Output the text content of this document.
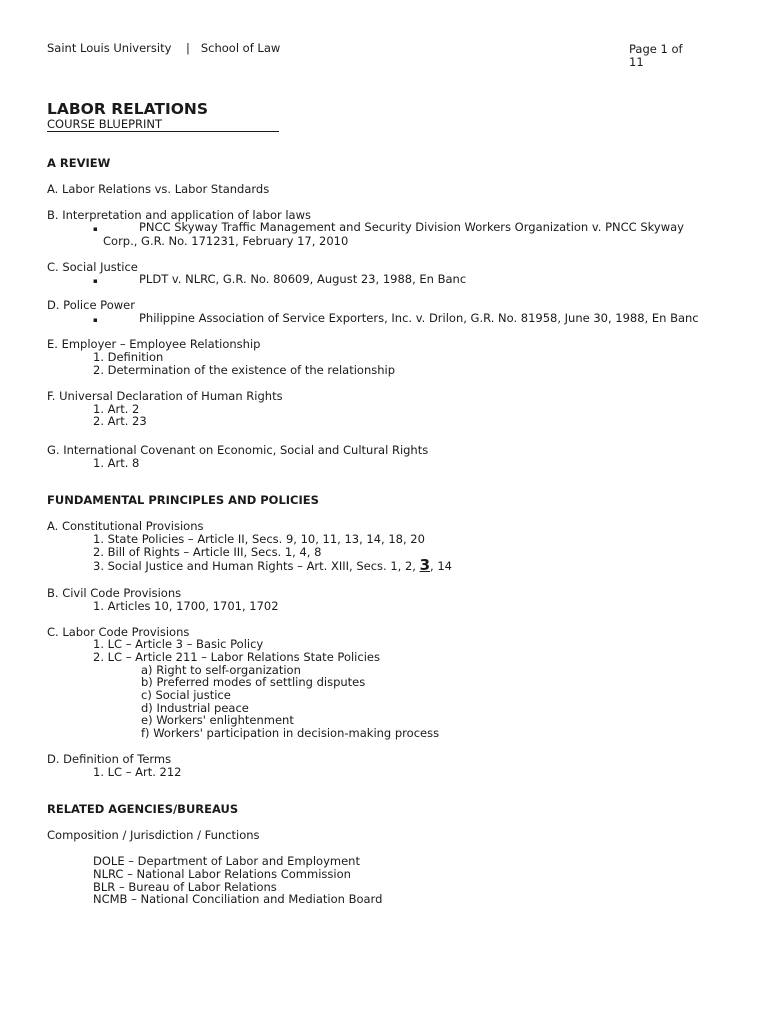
Saint Louis University    |   School of Law	Page 1 of 11
LABOR RELATIONS
COURSE BLUEPRINT
A REVIEW
A. Labor Relations vs. Labor Standards
B. Interpretation and application of labor laws
▪	PNCC Skyway Traffic Management and Security Division Workers Organization v. PNCC Skyway
Corp., G.R. No. 171231, February 17, 2010
C. Social Justice
▪	PLDT v. NLRC, G.R. No. 80609, August 23, 1988, En Banc
D. Police Power
▪	Philippine Association of Service Exporters, Inc. v. Drilon, G.R. No. 81958, June 30, 1988, En Banc
E. Employer – Employee Relationship
1. Definition
2. Determination of the existence of the relationship
F. Universal Declaration of Human Rights
1. Art. 2
2. Art. 23
G. International Covenant on Economic, Social and Cultural Rights
1. Art. 8
FUNDAMENTAL PRINCIPLES AND POLICIES
A. Constitutional Provisions
1. State Policies – Article II, Secs. 9, 10, 11, 13, 14, 18, 20
2. Bill of Rights – Article III, Secs. 1, 4, 8
3. Social Justice and Human Rights – Art. XIII, Secs. 1, 2, 3, 14
B. Civil Code Provisions
1. Articles 10, 1700, 1701, 1702
C. Labor Code Provisions
1. LC – Article 3 – Basic Policy
2. LC – Article 211 – Labor Relations State Policies
a) Right to self-organization
b) Preferred modes of settling disputes
c) Social justice
d) Industrial peace
e) Workers' enlightenment
f) Workers' participation in decision-making process
D. Definition of Terms
1. LC – Art. 212
RELATED AGENCIES/BUREAUS
Composition / Jurisdiction / Functions
DOLE – Department of Labor and Employment
NLRC – National Labor Relations Commission
BLR – Bureau of Labor Relations
NCMB – National Conciliation and Mediation Board
